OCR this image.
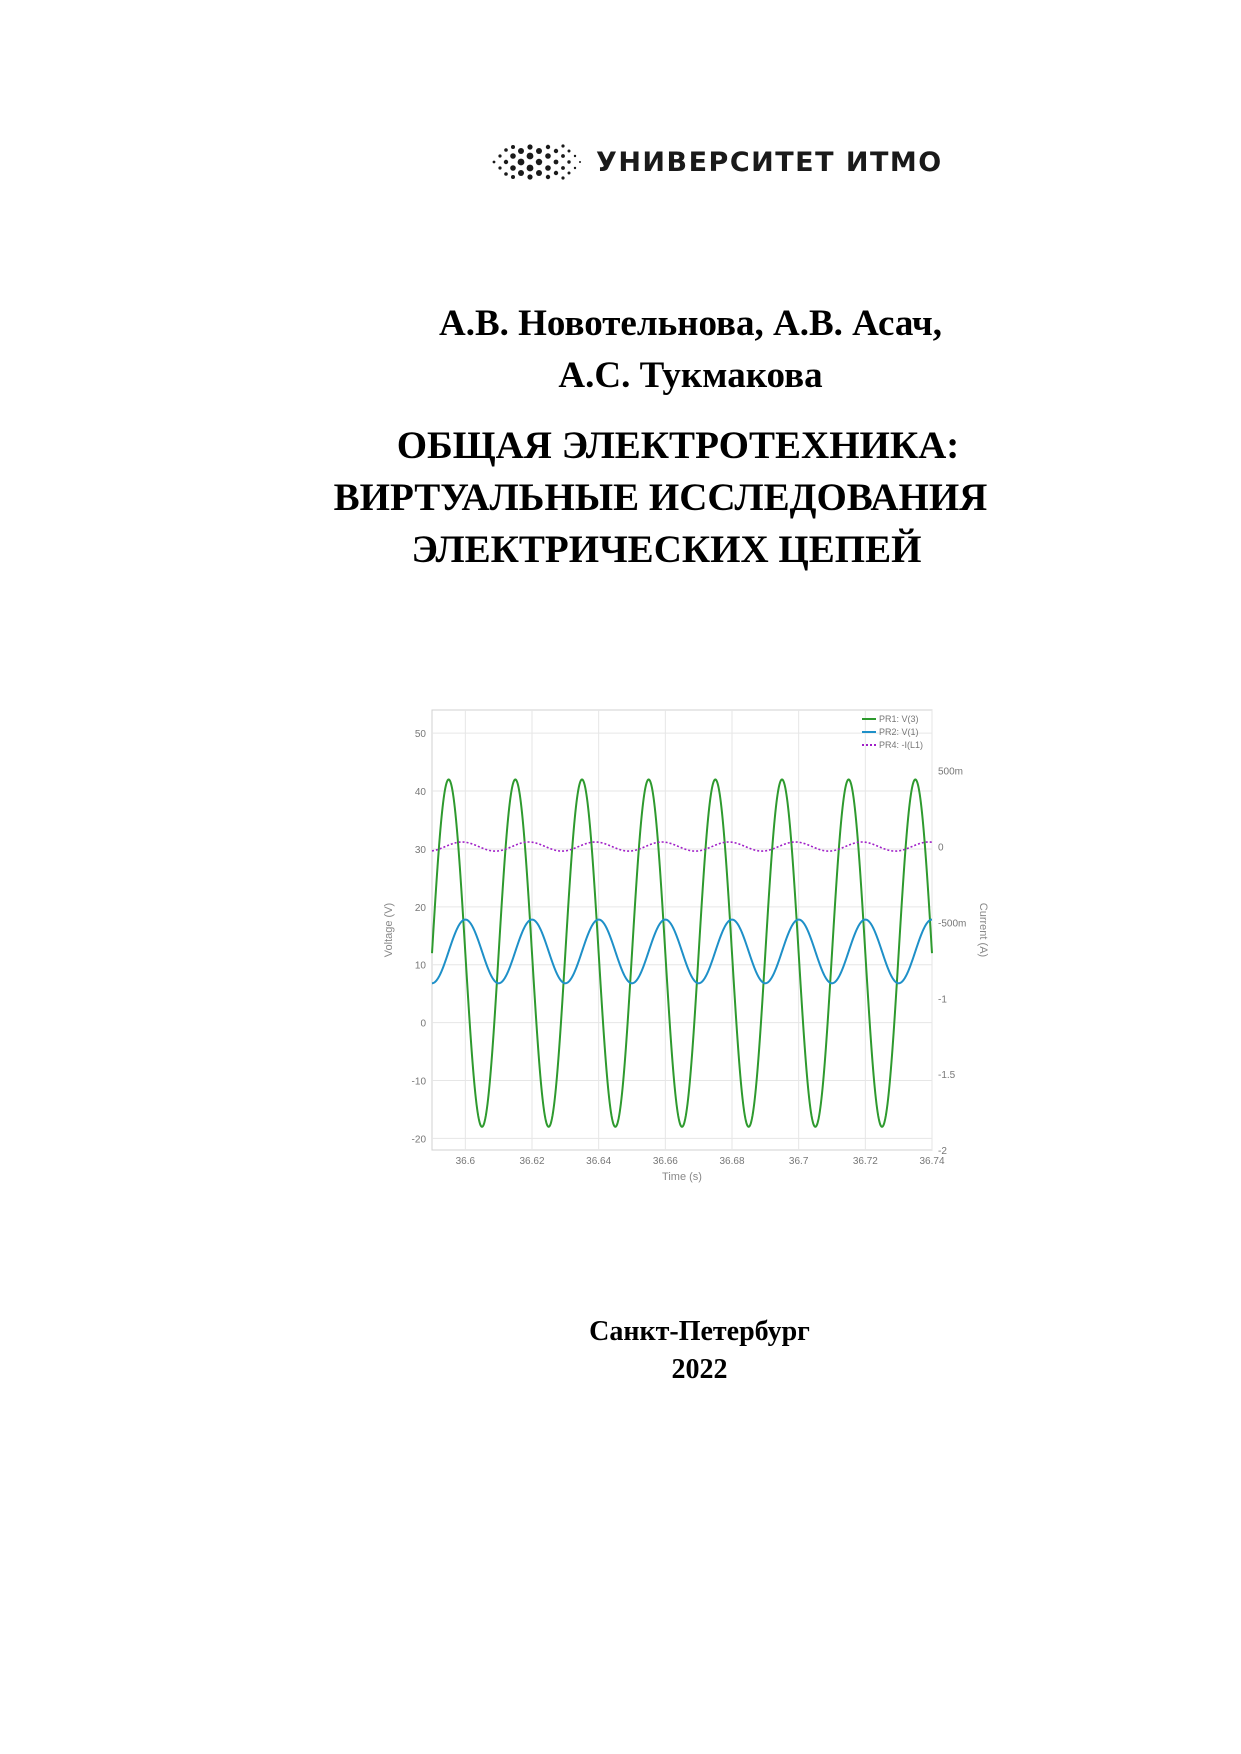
УНИВЕРСИТЕТ ИТМО
А.В. Новотельнова, А.В. Асач,
А.С. Тукмакова
ОБЩАЯ ЭЛЕКТРОТЕХНИКА:
ВИРТУАЛЬНЫЕ ИССЛЕДОВАНИЯ
ЭЛЕКТРИЧЕСКИХ ЦЕПЕЙ
36.6	36.62	36.64	36.66	36.68	36.7	36.72	36.74
50
40
30
20
10
0
-10
-20
500m
0
-500m
-1
-1.5
-2
Time (s)
Voltage (V)	Current (A)
PR1: V(3)
PR2: V(1)
PR4: -I(L1)
Санкт-Петербург
2022
